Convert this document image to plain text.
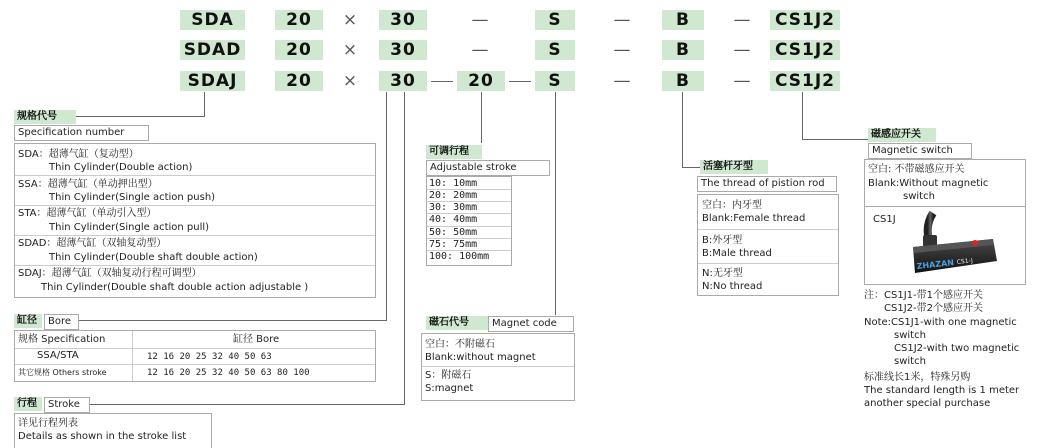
SDA	20	×	30	—	S	—	B	— CS1J2
SDAD	20	×	30	—	S	—	B	— CS1J2
SDAJ	20	×	30	20	S	—	B	— CS1J2
规格代号
Specification number
SDA：超薄气缸（复动型）
Thin Cylinder(Double action)
SSA：超薄气缸（单动押出型）
Thin Cylinder(Single action push)
STA：超薄气缸（单动引入型）
Thin Cylinder(Single action pull)
SDAD：超薄气缸（双轴复动型）
Thin Cylinder(Double shaft double action)
SDAJ：超薄气缸（双轴复动行程可调型）
Thin Cylinder(Double shaft double action adjustable )
缸径	Bore
规格 Specification	缸径 Bore
SSA/STA	12 16 20 25 32 40 50 63
其它规格 Others stroke	12 16 20 25 32 40 50 63 80 100
行程	Stroke
详见行程列表
Details as shown in the stroke list
可调行程
Adjustable stroke
10: 10mm
20: 20mm
30: 30mm
40: 40mm
50: 50mm
75: 75mm
100: 100mm
磁石代号	Magnet code
空白：不附磁石
Blank:without magnet
S：附磁石
S:magnet
活塞杆牙型
The thread of pistion rod
空白：内牙型
Blank:Female thread
B:外牙型
B:Male thread
N:无牙型
N:No thread
磁感应开关
Magnetic switch
空白: 不带磁感应开关
Blank:Without magnetic
switch
CS1J
ZHAZAN CS1-J
注：CS1J1-带1个感应开关
CS1J2-带2个感应开关
Note:CS1J1-with one magnetic
switch
CS1J2-with two magnetic
switch
标准线长1米，特殊另购
The standard length is 1 meter
another special purchase
